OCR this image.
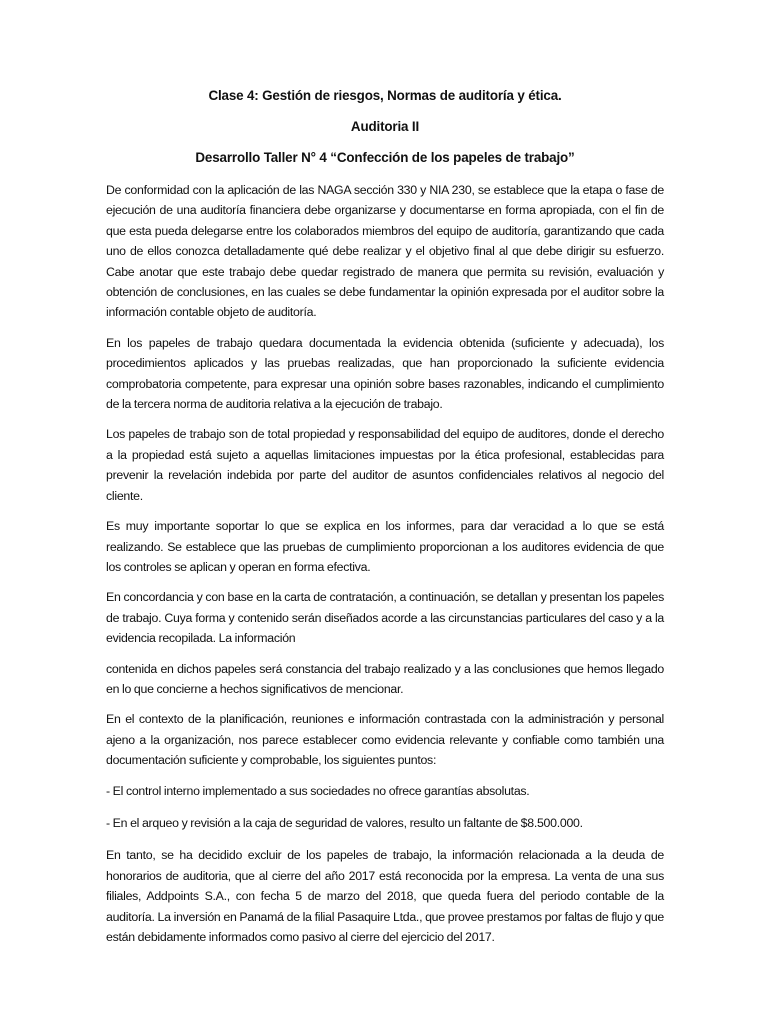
Clase 4: Gestión de riesgos, Normas de auditoría y ética.

Auditoria II

Desarrollo Taller N° 4 “Confección de los papeles de trabajo”

De conformidad con la aplicación de las NAGA sección 330 y NIA 230, se establece que la etapa o fase de ejecución de una auditoría financiera debe organizarse y documentarse en forma apropiada, con el fin de que esta pueda delegarse entre los colaborados miembros del equipo de auditoría, garantizando que cada uno de ellos conozca detalladamente qué debe realizar y el objetivo final al que debe dirigir su esfuerzo. Cabe anotar que este trabajo debe quedar registrado de manera que permita su revisión, evaluación y obtención de conclusiones, en las cuales se debe fundamentar la opinión expresada por el auditor sobre la información contable objeto de auditoría.

En los papeles de trabajo quedara documentada la evidencia obtenida (suficiente y adecuada), los procedimientos aplicados y las pruebas realizadas, que han proporcionado la suficiente evidencia comprobatoria competente, para expresar una opinión sobre bases razonables, indicando el cumplimiento de la tercera norma de auditoria relativa a la ejecución de trabajo.

Los papeles de trabajo son de total propiedad y responsabilidad del equipo de auditores, donde el derecho a la propiedad está sujeto a aquellas limitaciones impuestas por la ética profesional, establecidas para prevenir la revelación indebida por parte del auditor de asuntos confidenciales relativos al negocio del cliente.

Es muy importante soportar lo que se explica en los informes, para dar veracidad a lo que se está realizando. Se establece que las pruebas de cumplimiento proporcionan a los auditores evidencia de que los controles se aplican y operan en forma efectiva.

En concordancia y con base en la carta de contratación, a continuación, se detallan y presentan los papeles de trabajo. Cuya forma y contenido serán diseñados acorde a las circunstancias particulares del caso y a la evidencia recopilada. La información

contenida en dichos papeles será constancia del trabajo realizado y a las conclusiones que hemos llegado en lo que concierne a hechos significativos de mencionar.

En el contexto de la planificación, reuniones e información contrastada con la administración y personal ajeno a la organización, nos parece establecer como evidencia relevante y confiable como también una documentación suficiente y comprobable, los siguientes puntos:

- El control interno implementado a sus sociedades no ofrece garantías absolutas.

- En el arqueo y revisión a la caja de seguridad de valores, resulto un faltante de $8.500.000.

En tanto, se ha decidido excluir de los papeles de trabajo, la información relacionada a la deuda de honorarios de auditoria, que al cierre del año 2017 está reconocida por la empresa. La venta de una sus filiales, Addpoints S.A., con fecha 5 de marzo del 2018, que queda fuera del periodo contable de la auditoría. La inversión en Panamá de la filial Pasaquire Ltda., que provee prestamos por faltas de flujo y que están debidamente informados como pasivo al cierre del ejercicio del 2017.
